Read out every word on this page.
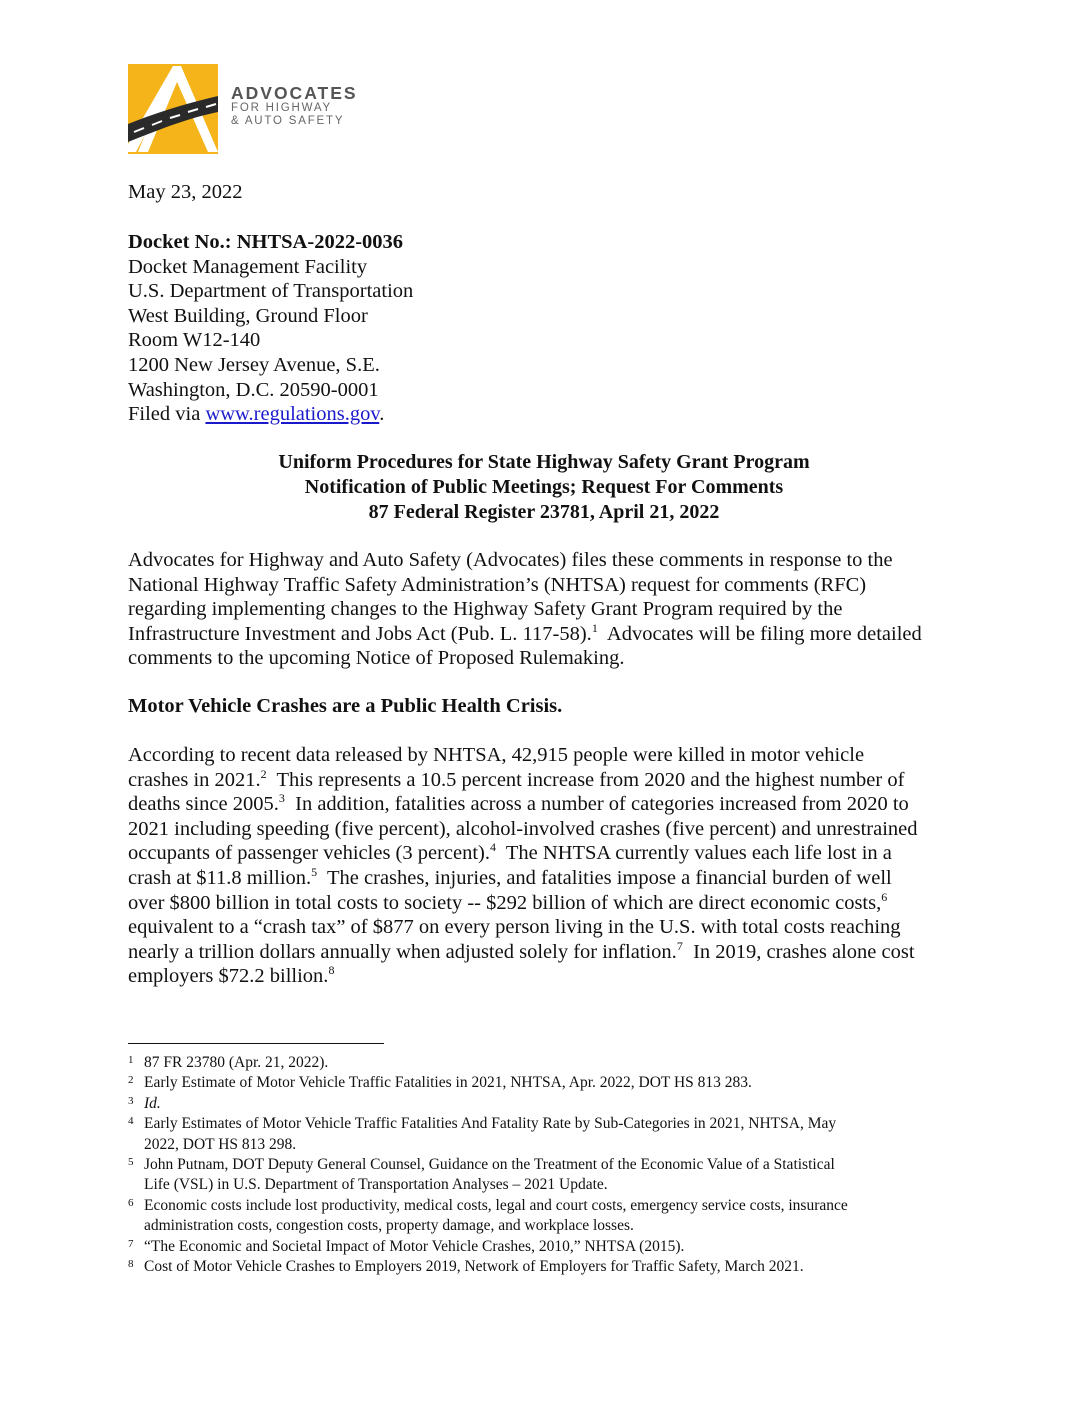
ADVOCATES
FOR HIGHWAY
& AUTO SAFETY
May 23, 2022
Docket No.: NHTSA-2022-0036
Docket Management Facility
U.S. Department of Transportation
West Building, Ground Floor
Room W12-140
1200 New Jersey Avenue, S.E.
Washington, D.C. 20590-0001
Filed via www.regulations.gov.
Uniform Procedures for State Highway Safety Grant Program
Notification of Public Meetings; Request For Comments
87 Federal Register 23781, April 21, 2022
Advocates for Highway and Auto Safety (Advocates) files these comments in response to the
National Highway Traffic Safety Administration’s (NHTSA) request for comments (RFC)
regarding implementing changes to the Highway Safety Grant Program required by the
Infrastructure Investment and Jobs Act (Pub. L. 117-58).$^1$  Advocates will be filing more detailed
comments to the upcoming Notice of Proposed Rulemaking.
Motor Vehicle Crashes are a Public Health Crisis.
According to recent data released by NHTSA, 42,915 people were killed in motor vehicle
crashes in 2021.$^2$  This represents a 10.5 percent increase from 2020 and the highest number of
deaths since 2005.$^3$  In addition, fatalities across a number of categories increased from 2020 to
2021 including speeding (five percent), alcohol-involved crashes (five percent) and unrestrained
occupants of passenger vehicles (3 percent).$^4$  The NHTSA currently values each life lost in a
crash at $11.8 million.$^5$  The crashes, injuries, and fatalities impose a financial burden of well
over $800 billion in total costs to society -- $292 billion of which are direct economic costs,$^6$
equivalent to a “crash tax” of $877 on every person living in the U.S. with total costs reaching
nearly a trillion dollars annually when adjusted solely for inflation.$^7$  In 2019, crashes alone cost
employers $72.2 billion.$^8$
1 87 FR 23780 (Apr. 21, 2022).
2 Early Estimate of Motor Vehicle Traffic Fatalities in 2021, NHTSA, Apr. 2022, DOT HS 813 283.
3 Id.
4 Early Estimates of Motor Vehicle Traffic Fatalities And Fatality Rate by Sub-Categories in 2021, NHTSA, May
2022, DOT HS 813 298.
5 John Putnam, DOT Deputy General Counsel, Guidance on the Treatment of the Economic Value of a Statistical
Life (VSL) in U.S. Department of Transportation Analyses – 2021 Update.
6 Economic costs include lost productivity, medical costs, legal and court costs, emergency service costs, insurance
administration costs, congestion costs, property damage, and workplace losses.
7 “The Economic and Societal Impact of Motor Vehicle Crashes, 2010,” NHTSA (2015).
8 Cost of Motor Vehicle Crashes to Employers 2019, Network of Employers for Traffic Safety, March 2021.
